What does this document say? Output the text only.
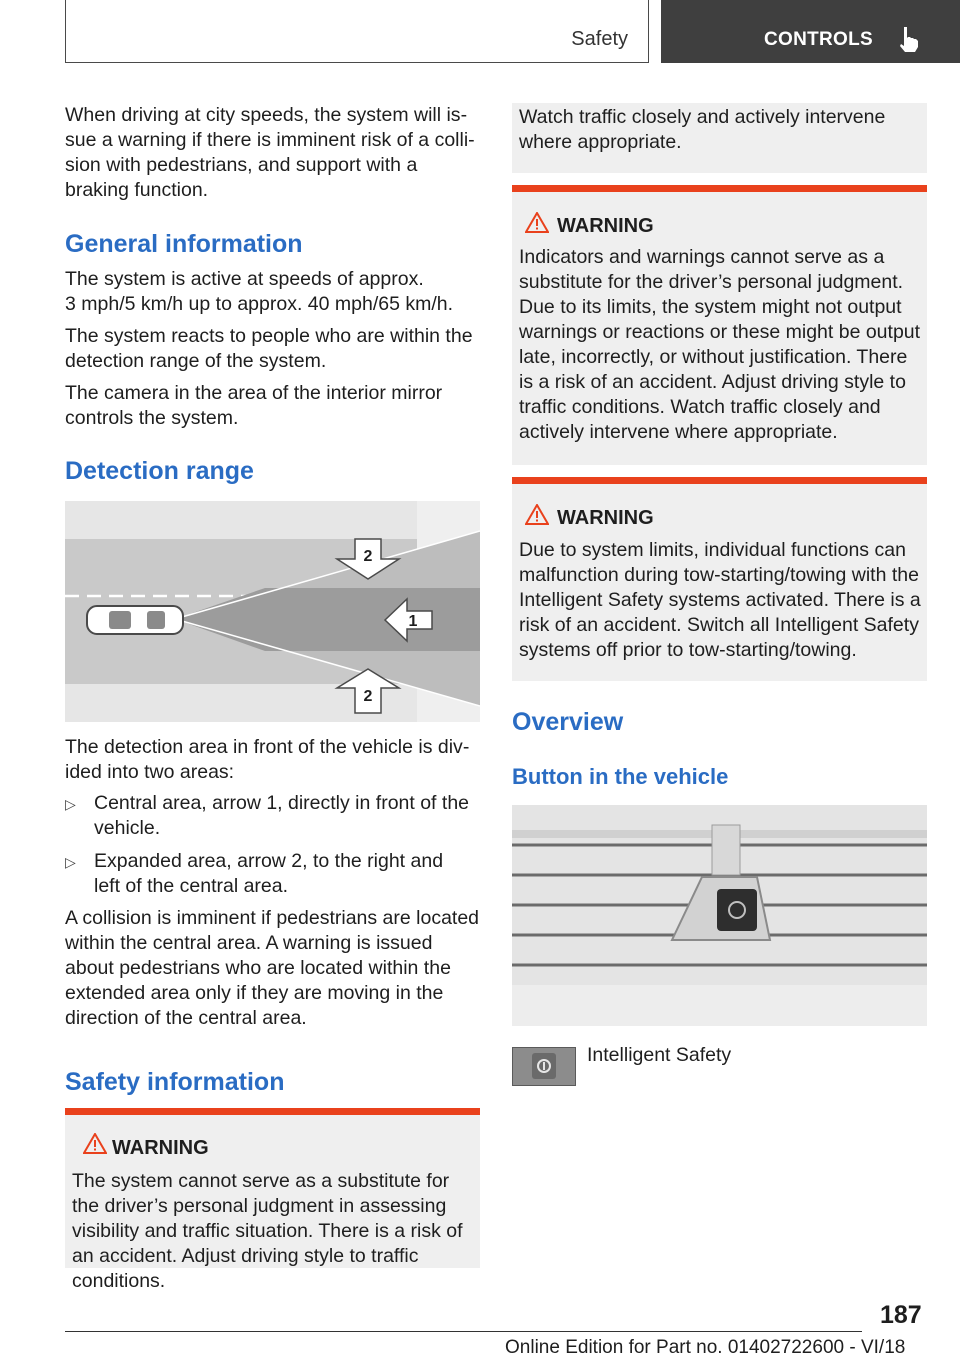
Safety	CONTROLS
When driving at city speeds, the system will issue a warning if there is imminent risk of a collision with pedestrians, and support with a braking function.
General information
The system is active at speeds of approx.
3 mph/5 km/h up to approx. 40 mph/65 km/h.
The system reacts to people who are within the detection range of the system.
The camera in the area of the interior mirror controls the system.
Detection range
2
1
2
The detection area in front of the vehicle is divided into two areas:
▷ Central area, arrow 1, directly in front of the vehicle.
▷ Expanded area, arrow 2, to the right and left of the central area.
A collision is imminent if pedestrians are located within the central area. A warning is issued about pedestrians who are located within the extended area only if they are moving in the direction of the central area.
Safety information
WARNING
The system cannot serve as a substitute for the driver’s personal judgment in assessing visibility and traffic situation. There is a risk of an accident. Adjust driving style to traffic conditions.
Watch traffic closely and actively intervene where appropriate.
WARNING
Indicators and warnings cannot serve as a substitute for the driver’s personal judgment. Due to its limits, the system might not output warnings or reactions or these might be output late, incorrectly, or without justification. There is a risk of an accident. Adjust driving style to traffic conditions. Watch traffic closely and actively intervene where appropriate.
WARNING
Due to system limits, individual functions can malfunction during tow-starting/towing with the Intelligent Safety systems activated. There is a risk of an accident. Switch all Intelligent Safety systems off prior to tow-starting/towing.
Overview
Button in the vehicle
Intelligent Safety
187
Online Edition for Part no. 01402722600 - VI/18
